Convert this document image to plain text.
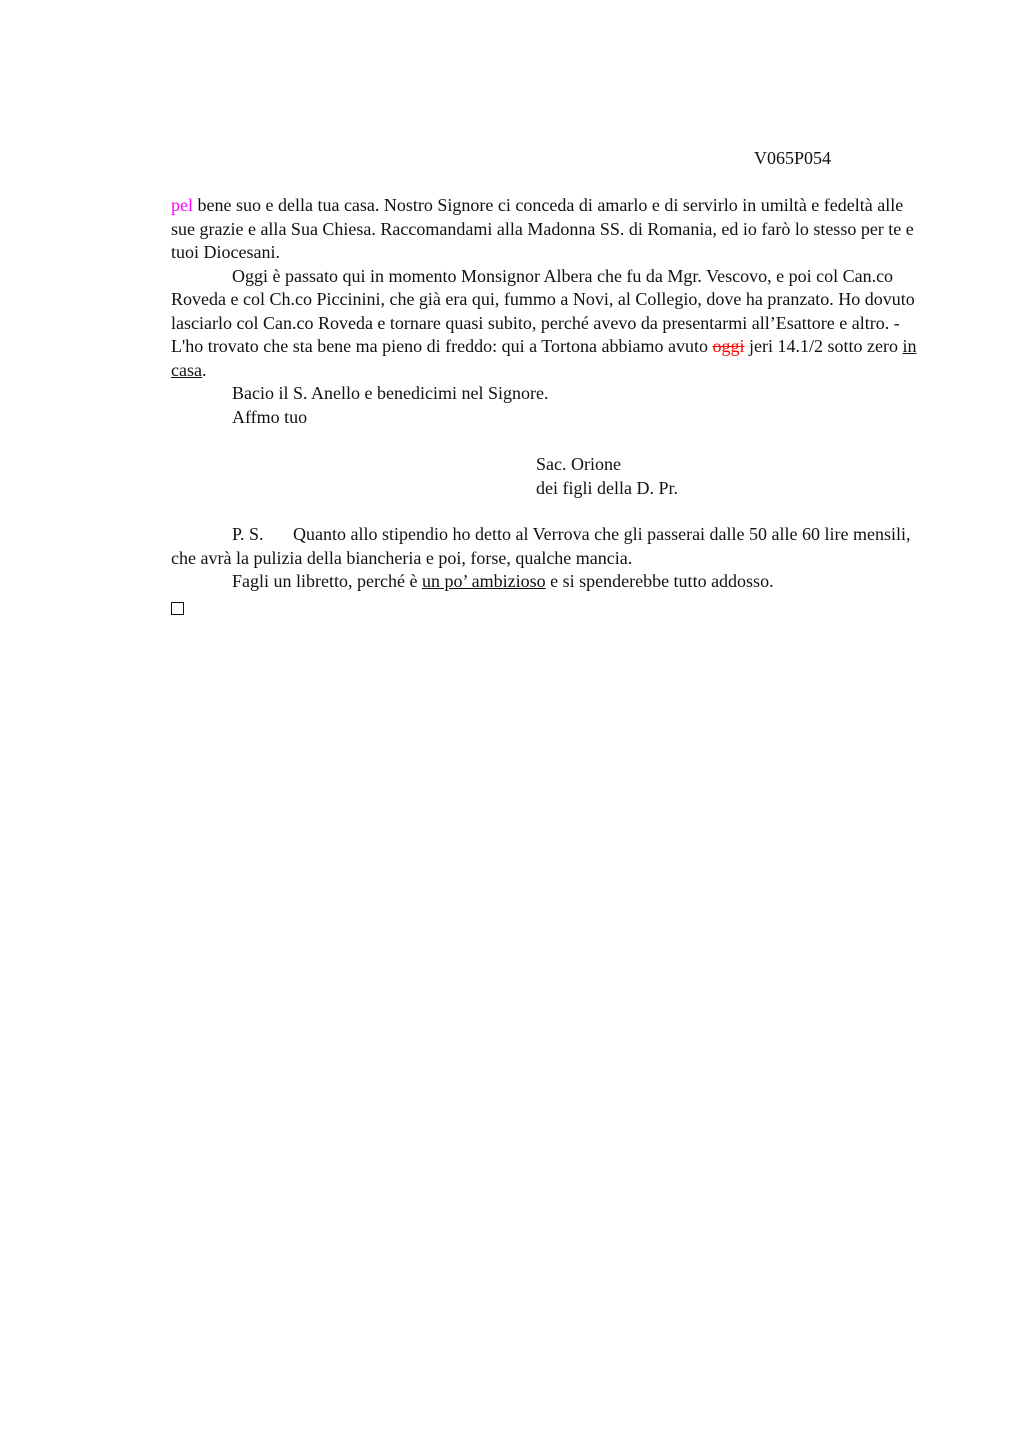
V065P054

pel bene suo e della tua casa. Nostro Signore ci conceda di amarlo e di servirlo in umiltà e fedeltà alle sue grazie e alla Sua Chiesa. Raccomandami alla Madonna SS. di Romania, ed io farò lo stesso per te e tuoi Diocesani.

Oggi è passato qui in momento Monsignor Albera che fu da Mgr. Vescovo, e poi col Can.co Roveda e col Ch.co Piccinini, che già era qui, fummo a Novi, al Collegio, dove ha pranzato. Ho dovuto lasciarlo col Can.co Roveda e tornare quasi subito, perché avevo da presentarmi all’Esattore e altro. - L'ho trovato che sta bene ma pieno di freddo: qui a Tortona abbiamo avuto oggi jeri 14.1/2 sotto zero in casa.

Bacio il S. Anello e benedicimi nel Signore.

Affmo tuo

Sac. Orione

dei figli della D. Pr.

P. S. Quanto allo stipendio ho detto al Verrova che gli passerai dalle 50 alle 60 lire mensili, che avrà la pulizia della biancheria e poi, forse, qualche mancia.

Fagli un libretto, perché è un po’ ambizioso e si spenderebbe tutto addosso.
